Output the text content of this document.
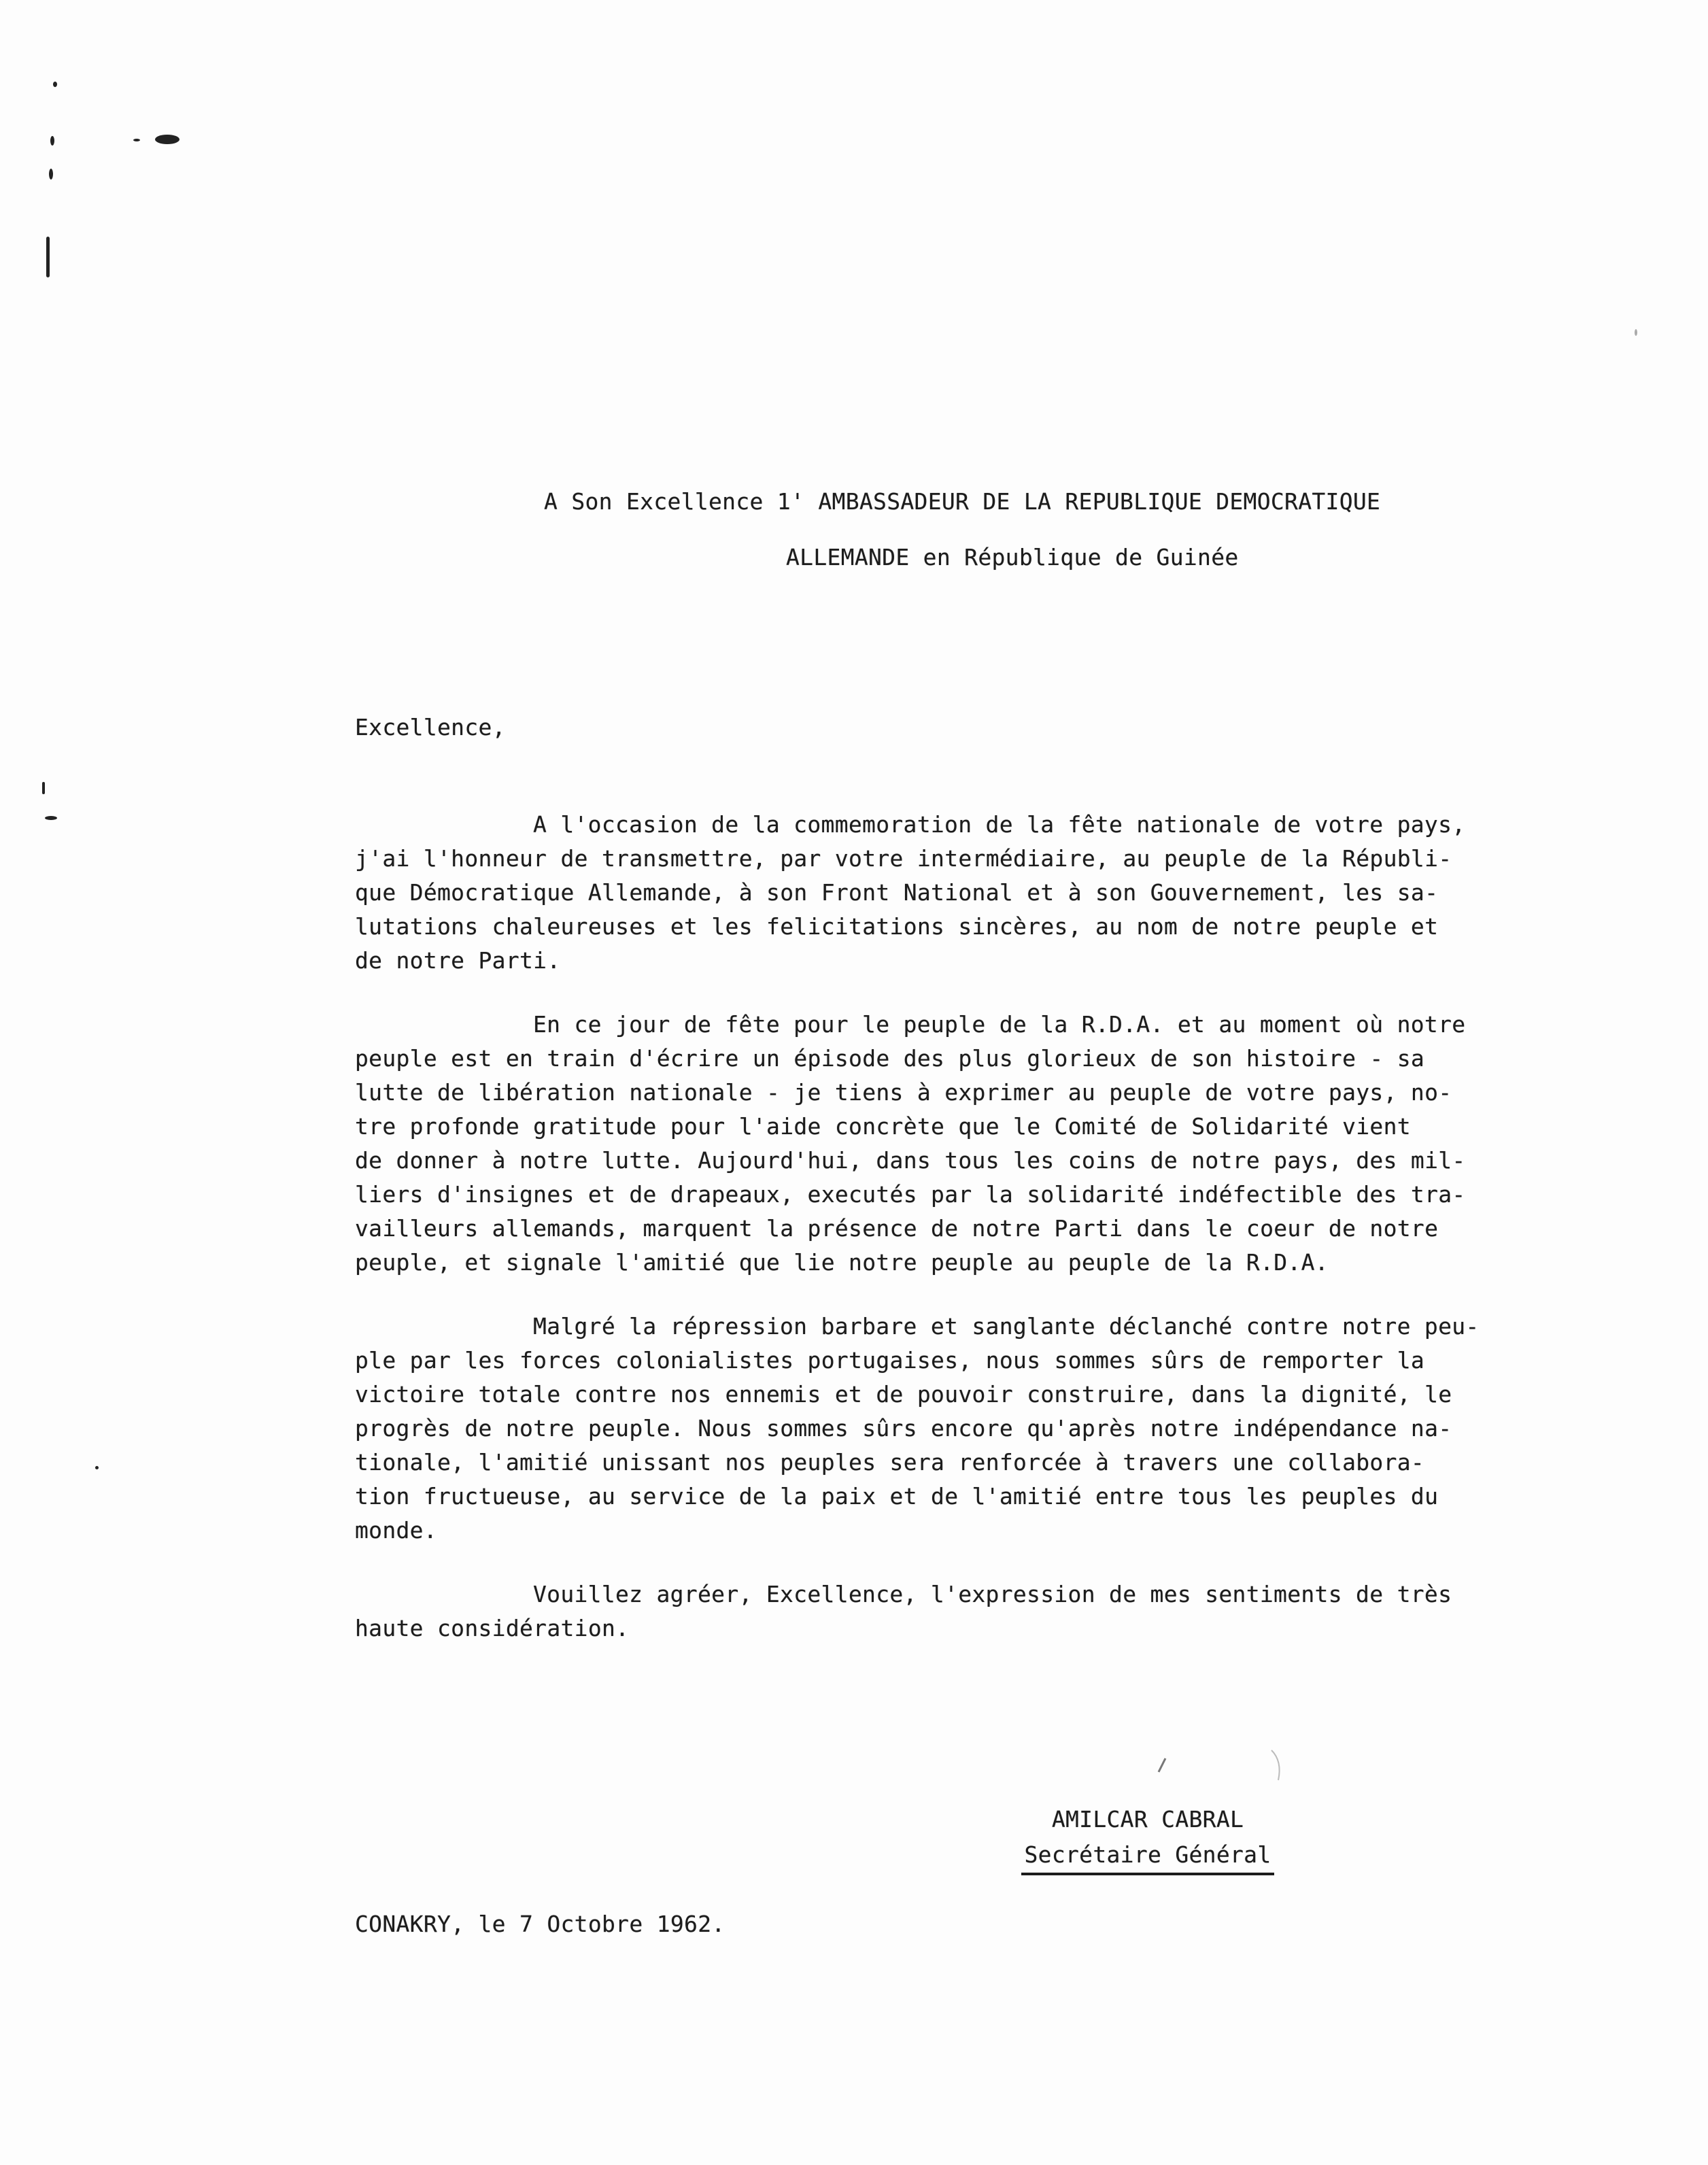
A Son Excellence 1' AMBASSADEUR DE LA REPUBLIQUE DEMOCRATIQUE
ALLEMANDE en République de Guinée
Excellence,
A l'occasion de la commemoration de la fête nationale de votre pays,
j'ai l'honneur de transmettre, par votre intermédiaire, au peuple de la Républi-
que Démocratique Allemande, à son Front National et à son Gouvernement, les sa-
lutations chaleureuses et les felicitations sincères, au nom de notre peuple et
de notre Parti.
En ce jour de fête pour le peuple de la R.D.A. et au moment où notre
peuple est en train d'écrire un épisode des plus glorieux de son histoire - sa
lutte de libération nationale - je tiens à exprimer au peuple de votre pays, no-
tre profonde gratitude pour l'aide concrète que le Comité de Solidarité vient
de donner à notre lutte. Aujourd'hui, dans tous les coins de notre pays, des mil-
liers d'insignes et de drapeaux, executés par la solidarité indéfectible des tra-
vailleurs allemands, marquent la présence de notre Parti dans le coeur de notre
peuple, et signale l'amitié que lie notre peuple au peuple de la R.D.A.
Malgré la répression barbare et sanglante déclanché contre notre peu-
ple par les forces colonialistes portugaises, nous sommes sûrs de remporter la
victoire totale contre nos ennemis et de pouvoir construire, dans la dignité, le
progrès de notre peuple. Nous sommes sûrs encore qu'après notre indépendance na-
tionale, l'amitié unissant nos peuples sera renforcée à travers une collabora-
tion fructueuse, au service de la paix et de l'amitié entre tous les peuples du
monde.
Vouillez agréer, Excellence, l'expression de mes sentiments de très
haute considération.
AMILCAR CABRAL
Secrétaire Général
CONAKRY, le 7 Octobre 1962.
